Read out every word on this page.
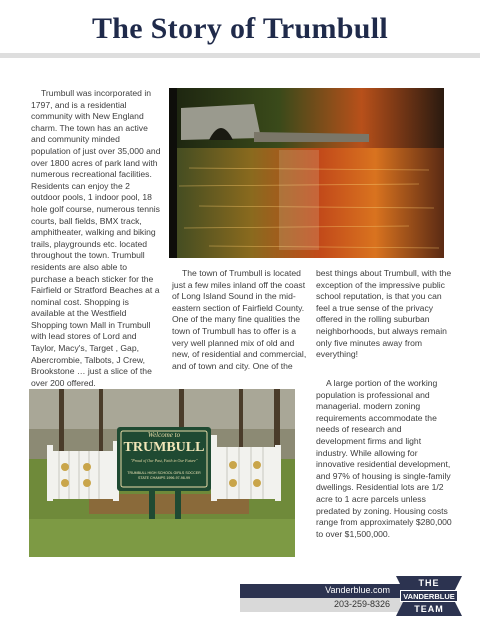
The Story of Trumbull

Trumbull was incorporated in 1797, and is a residential community with New England charm. The town has an active and community minded population of just over 35,000 and over 1800 acres of park land with numerous recreational facilities. Residents can enjoy the 2 outdoor pools, 1 indoor pool, 18 hole golf course, numerous tennis courts, ball fields, BMX track, amphitheater, walking and biking trails, playgrounds etc. located throughout the town. Trumbull residents are also able to purchase a beach sticker for the Fairfield or Stratford Beaches at a nominal cost. Shopping is available at the Westfield Shopping town Mall in Trumbull with lead stores of Lord and Taylor, Macy's, Target , Gap, Abercrombie, Talbots, J Crew, Brookstone … just a slice of the over 200 offered.

The town of Trumbull is located just a few miles inland off the coast of Long Island Sound in the mid-eastern section of Fairfield County. One of the many fine qualities the town of Trumbull has to offer is a very well planned mix of old and new, of residential and commercial, and of town and city. One of the

best things about Trumbull, with the exception of the impressive public school reputation, is that you can feel a true sense of the privacy offered in the rolling suburban neighborhoods, but always remain only five minutes away from everything!

A large portion of the working population is professional and managerial. modern zoning requirements accommodate the needs of research and development firms and light industry. While allowing for innovative residential development, and 97% of housing is single-family dwellings. Residential lots are 1/2 acre to 1 acre parcels unless predated by zoning. Housing costs range from approximately $280,000 to over $1,500,000.

Welcome to
TRUMBULL
"Proud of Our Past, Faith in Our Future"
TRUMBULL HIGH SCHOOL GIRLS SOCCER
STATE CHAMPS 1996-97-98-99
Vanderblue.com
203-259-8326
THE
VANDERBLUE
TEAM
